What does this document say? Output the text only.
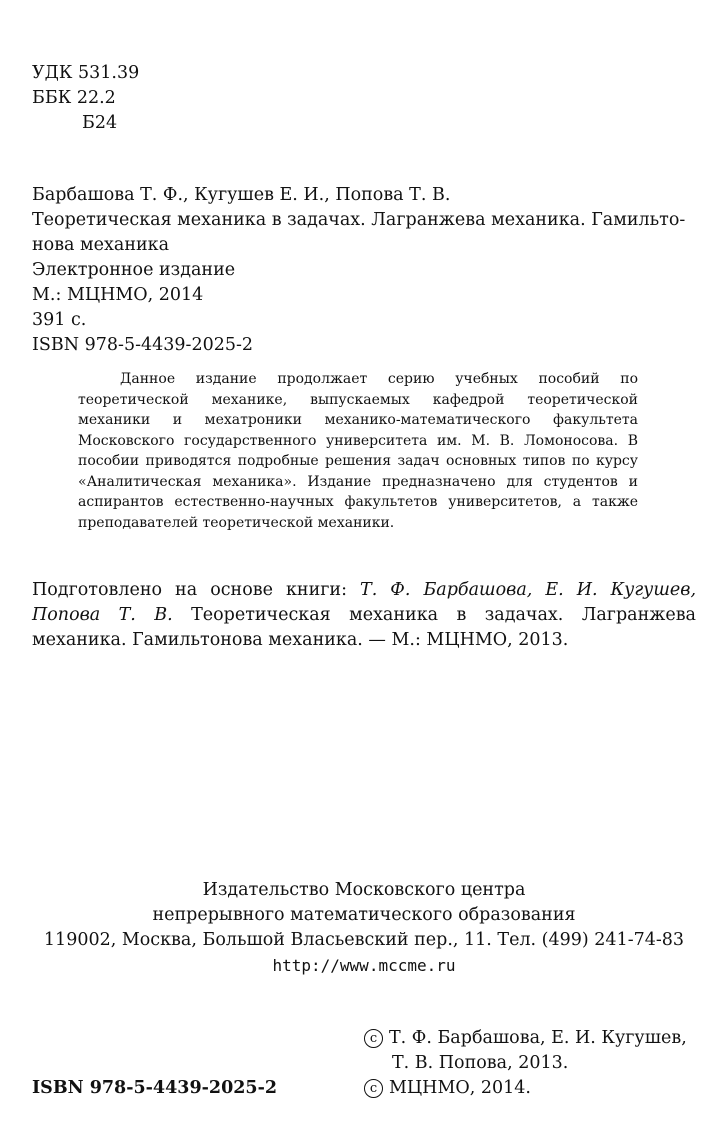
УДК 531.39
ББК 22.2
Б24
Барбашова Т. Ф., Кугушев Е. И., Попова Т. В.
Теоретическая механика в задачах. Лагранжева механика. Гамильто-
нова механика
Электронное издание
М.: МЦНМО, 2014
391 с.
ISBN 978-5-4439-2025-2
Данное издание продолжает серию учебных пособий по теоретической механике, выпускаемых кафедрой теоретической механики и мехатроники механико-математического факультета Московского государственного университета им. М. В. Ломоносова. В пособии приводятся подробные решения задач основных типов по курсу «Аналитическая механика». Издание предназначено для студентов и аспирантов естественно-научных факультетов университетов, а также преподавателей теоретической механики.
Подготовлено на основе книги: Т. Ф. Барбашова, Е. И. Кугушев, Попова Т. В. Теоретическая механика в задачах. Лагранжева механика. Гамильтонова механика. — М.: МЦНМО, 2013.
Издательство Московского центра
непрерывного математического образования
119002, Москва, Большой Власьевский пер., 11. Тел. (499) 241-74-83
http://www.mccme.ru
c Т. Ф. Барбашова, Е. И. Кугушев,
Т. В. Попова, 2013.
c МЦНМО, 2014.
ISBN 978-5-4439-2025-2
